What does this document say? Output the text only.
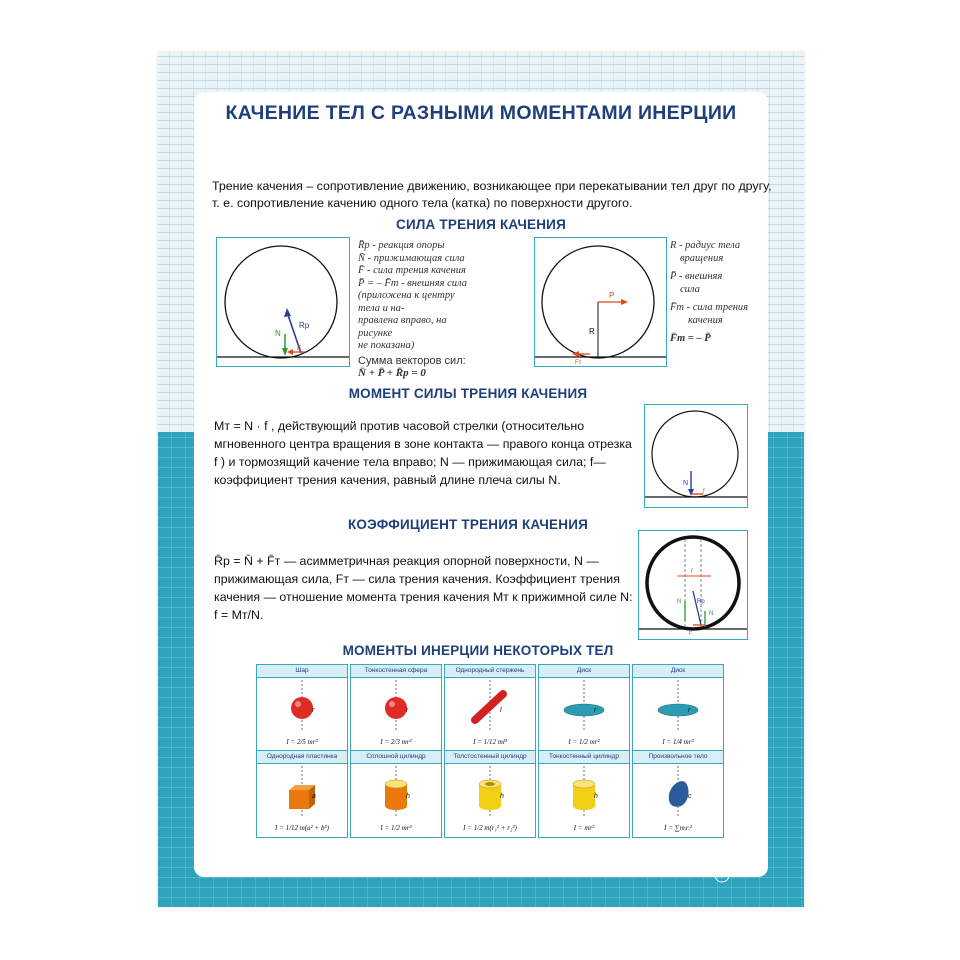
КАЧЕНИЕ ТЕЛ С РАЗНЫМИ МОМЕНТАМИ ИНЕРЦИИ
Трение качения – сопротивление движению, возникающее при перекатывании тел друг по другу, т. е. сопротивление качению одного тела (катка) по поверхности другого.
СИЛА ТРЕНИЯ КАЧЕНИЯ
N
Rp
F
R̄p - реакция опоры
N̄ - прижимающая сила
F̄ - сила трения качения
P̄ = – F̄т - внешняя сила
(приложена к центру тела и на-
правлена вправо, на рисунке
не показана)
Сумма векторов сил:
N̄ + P̄ + R̄p = 0
P
R
Fт
R - радиус тела
вращения
P̄ - внешняя
сила
F̄т - сила трения
качения
F̄т = – P̄
МОМЕНТ СИЛЫ ТРЕНИЯ КАЧЕНИЯ
Mт = N · f , действующий против часовой стрелки (относительно мгновенного центра вращения в зоне контакта — правого конца отрезка f ) и тормозящий качение тела вправо; N — прижимающая сила; f— коэффициент трения качения, равный длине плеча силы N.	N
f
КОЭФФИЦИЕНТ ТРЕНИЯ КАЧЕНИЯ
R̄p = N̄ + F̄т — асимметричная реакция опорной поверхности, N — прижимающая сила, Fт — сила трения качения. Коэффициент трения качения — отношение момента трения качения Mт к прижимной силе N: f = Mт/N.
f
N	Rp
N
F
МОМЕНТЫ ИНЕРЦИИ НЕКОТОРЫХ ТЕЛ
Шар
r
I = 2/5 mr²
Тонкостенная сфера
r
I = 2/3 mr²
Однородный стержень
l
I = 1/12 ml²
Диск
r
I = 1/2 mr²
Диск
r
I = 1/4 mr²
Однородная пластинка
a
I = 1/12 m(a² + b²)
Сплошной цилиндр
h
I = 1/2 mr²
Толстостенный цилиндр
h
I = 1/2 m(r₁² + r₂²)
Тонкостенный цилиндр
h
I = mr²
Произвольное тело
c
I = ∑mᵢrᵢ²
N
